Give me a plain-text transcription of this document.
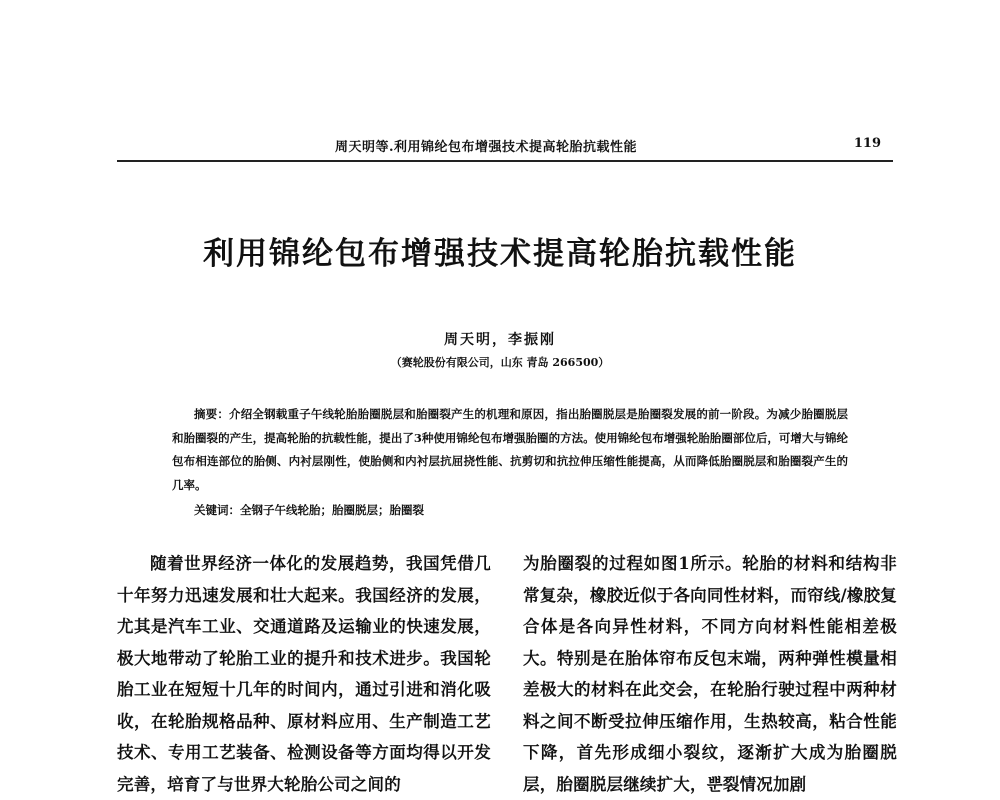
周天明等.利用锦纶包布增强技术提高轮胎抗载性能	119
利用锦纶包布增强技术提高轮胎抗载性能
周天明，李振刚
（赛轮股份有限公司，山东 青岛 266500）
摘要：介绍全钢载重子午线轮胎胎圈脱层和胎圈裂产生的机理和原因，指出胎圈脱层是胎圈裂发展的前一阶段。为减少胎圈脱层和胎圈裂的产生，提高轮胎的抗载性能，提出了3种使用锦纶包布增强胎圈的方法。使用锦纶包布增强轮胎胎圈部位后，可增大与锦纶包布相连部位的胎侧、内衬层刚性，使胎侧和内衬层抗屈挠性能、抗剪切和抗拉伸压缩性能提高，从而降低胎圈脱层和胎圈裂产生的几率。
关键词：全钢子午线轮胎；胎圈脱层；胎圈裂
随着世界经济一体化的发展趋势，我国凭借几十年努力迅速发展和壮大起来。我国经济的发展，尤其是汽车工业、交通道路及运输业的快速发展，极大地带动了轮胎工业的提升和技术进步。我国轮胎工业在短短十几年的时间内，通过引进和消化吸收，在轮胎规格品种、原材料应用、生产制造工艺技术、专用工艺装备、检测设备等方面均得以开发完善，培育了与世界大轮胎公司之间的
为胎圈裂的过程如图1所示。轮胎的材料和结构非常复杂，橡胶近似于各向同性材料，而帘线/橡胶复合体是各向异性材料，不同方向材料性能相差极大。特别是在胎体帘布反包末端，两种弹性模量相差极大的材料在此交会，在轮胎行驶过程中两种材料之间不断受拉伸压缩作用，生热较高，粘合性能下降，首先形成细小裂纹，逐渐扩大成为胎圈脱层，胎圈脱层继续扩大，뿐裂情况加剧
